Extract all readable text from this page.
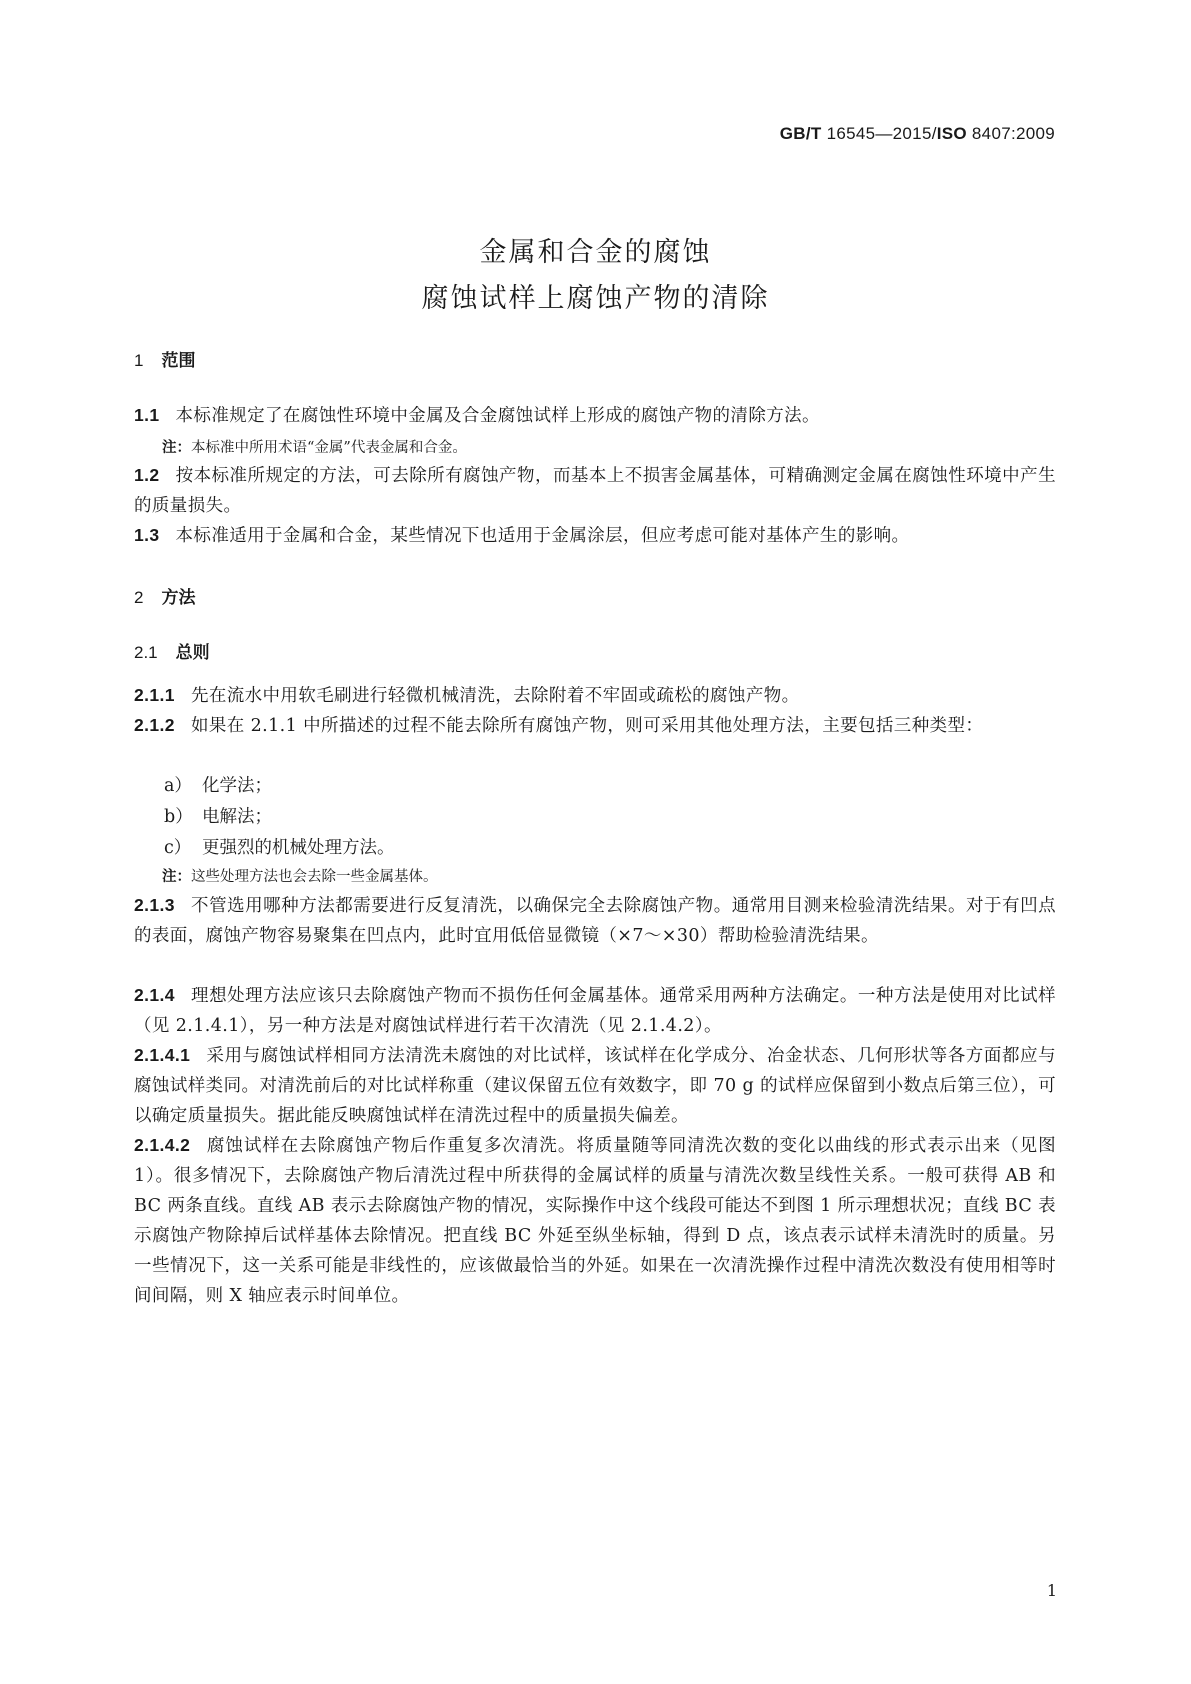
GB/T 16545—2015/ISO 8407:2009
金属和合金的腐蚀
腐蚀试样上腐蚀产物的清除
1 范围
1.1 本标准规定了在腐蚀性环境中金属及合金腐蚀试样上形成的腐蚀产物的清除方法。
注：本标准中所用术语“金属”代表金属和合金。
1.2 按本标准所规定的方法，可去除所有腐蚀产物，而基本上不损害金属基体，可精确测定金属在腐蚀性环境中产生的质量损失。
1.3 本标准适用于金属和合金，某些情况下也适用于金属涂层，但应考虑可能对基体产生的影响。
2 方法
2.1 总则
2.1.1 先在流水中用软毛刷进行轻微机械清洗，去除附着不牢固或疏松的腐蚀产物。
2.1.2 如果在 2.1.1 中所描述的过程不能去除所有腐蚀产物，则可采用其他处理方法，主要包括三种类型：
a） 化学法；
b） 电解法；
c） 更强烈的机械处理方法。
注：这些处理方法也会去除一些金属基体。
2.1.3 不管选用哪种方法都需要进行反复清洗，以确保完全去除腐蚀产物。通常用目测来检验清洗结果。对于有凹点的表面，腐蚀产物容易聚集在凹点内，此时宜用低倍显微镜（×7～×30）帮助检验清洗结果。
2.1.4 理想处理方法应该只去除腐蚀产物而不损伤任何金属基体。通常采用两种方法确定。一种方法是使用对比试样（见 2.1.4.1），另一种方法是对腐蚀试样进行若干次清洗（见 2.1.4.2）。
2.1.4.1 采用与腐蚀试样相同方法清洗未腐蚀的对比试样，该试样在化学成分、冶金状态、几何形状等各方面都应与腐蚀试样类同。对清洗前后的对比试样称重（建议保留五位有效数字，即 70 g 的试样应保留到小数点后第三位），可以确定质量损失。据此能反映腐蚀试样在清洗过程中的质量损失偏差。
2.1.4.2 腐蚀试样在去除腐蚀产物后作重复多次清洗。将质量随等同清洗次数的变化以曲线的形式表示出来（见图 1）。很多情况下，去除腐蚀产物后清洗过程中所获得的金属试样的质量与清洗次数呈线性关系。一般可获得 AB 和 BC 两条直线。直线 AB 表示去除腐蚀产物的情况，实际操作中这个线段可能达不到图 1 所示理想状况；直线 BC 表示腐蚀产物除掉后试样基体去除情况。把直线 BC 外延至纵坐标轴，得到 D 点，该点表示试样未清洗时的质量。另一些情况下，这一关系可能是非线性的，应该做最恰当的外延。如果在一次清洗操作过程中清洗次数没有使用相等时间间隔，则 X 轴应表示时间单位。
1
